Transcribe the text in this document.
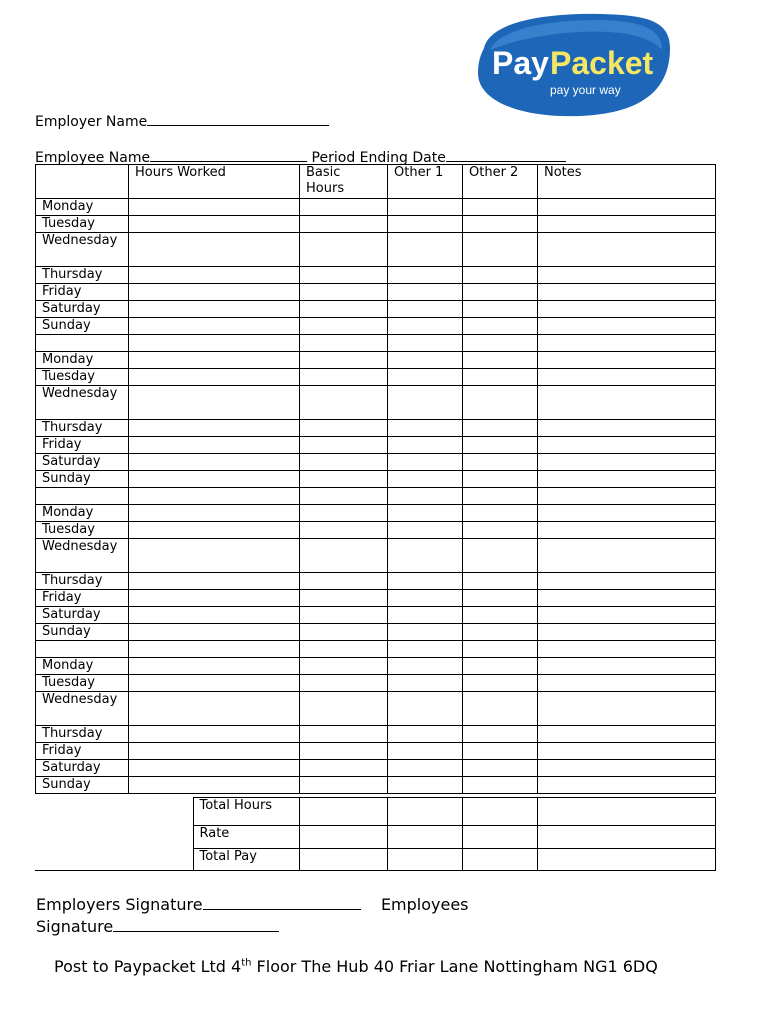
Pay Packet
pay your way
Employer Name
Employee Name	Period Ending Date
	Hours Worked	Basic Hours	Other 1	Other 2	Notes
Monday					
Tuesday					
Wednesday					
Thursday					
Friday					
Saturday					
Sunday					

Monday					
Tuesday					
Wednesday					
Thursday					
Friday					
Saturday					
Sunday					

Monday					
Tuesday					
Wednesday					
Thursday					
Friday					
Saturday					
Sunday					

Monday					
Tuesday					
Wednesday					
Thursday					
Friday					
Saturday					
Sunday					
	Total Hours				
	Rate				
	Total Pay				
Employers Signature	Employees Signature
Post to Paypacket Ltd 4th Floor The Hub 40 Friar Lane Nottingham NG1 6DQ
